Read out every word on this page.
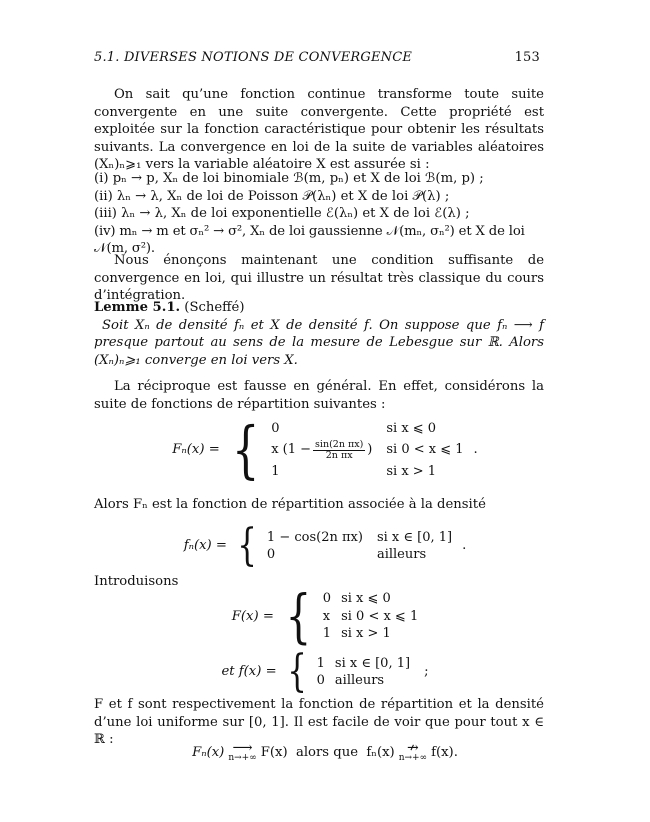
5.1. DIVERSES NOTIONS DE CONVERGENCE	153
On sait qu’une fonction continue transforme toute suite convergente en une suite convergente. Cette propriété est exploitée sur la fonction caractéristique pour obtenir les résultats suivants. La convergence en loi de la suite de variables aléatoires (Xₙ)ₙ⩾₁ vers la variable aléatoire X est assurée si :
(i) pₙ → p, Xₙ de loi binomiale ℬ(m, pₙ) et X de loi ℬ(m, p) ;
(ii) λₙ → λ, Xₙ de loi de Poisson 𝒫(λₙ) et X de loi 𝒫(λ) ;
(iii) λₙ → λ, Xₙ de loi exponentielle ℰ(λₙ) et X de loi ℰ(λ) ;
(iv) mₙ → m et σₙ² → σ², Xₙ de loi gaussienne 𝒩(mₙ, σₙ²) et X de loi 𝒩(m, σ²).
Nous énonçons maintenant une condition suffisante de convergence en loi, qui illustre un résultat très classique du cours d’intégration.
Lemme 5.1. (Scheffé)
Soit Xₙ de densité fₙ et X de densité f. On suppose que fₙ ⟶ f presque partout au sens de la mesure de Lebesgue sur ℝ. Alors (Xₙ)ₙ⩾₁ converge en loi vers X.
La réciproque est fausse en général. En effet, considérons la suite de fonctions de répartition suivantes :
Fₙ(x) = { 0	si x ⩽ 0
x ($1 - \frac{\text{sin(2n πx)}}{\text{2n πx}}$ ) si 0 < x ⩽ 1
1	si x > 1
.
Alors Fₙ est la fonction de répartition associée à la densité
fₙ(x) = { 1 − cos(2n πx) si x ∈ [0, 1]
0	ailleurs
.
Introduisons
F(x) = { 0 si x ⩽ 0
x si 0 < x ⩽ 1
1 si x > 1
et f(x) = { 1 si x ∈ [0, 1]
0 ailleurs
;
F et f sont respectivement la fonction de répartition et la densité d’une loi uniforme sur [0, 1]. Il est facile de voir que pour tout x ∈ ℝ :
Fₙ(x) ⟶
n→+∞ F(x)  alors que  fₙ(x) ↛
n→+∞ f(x).
